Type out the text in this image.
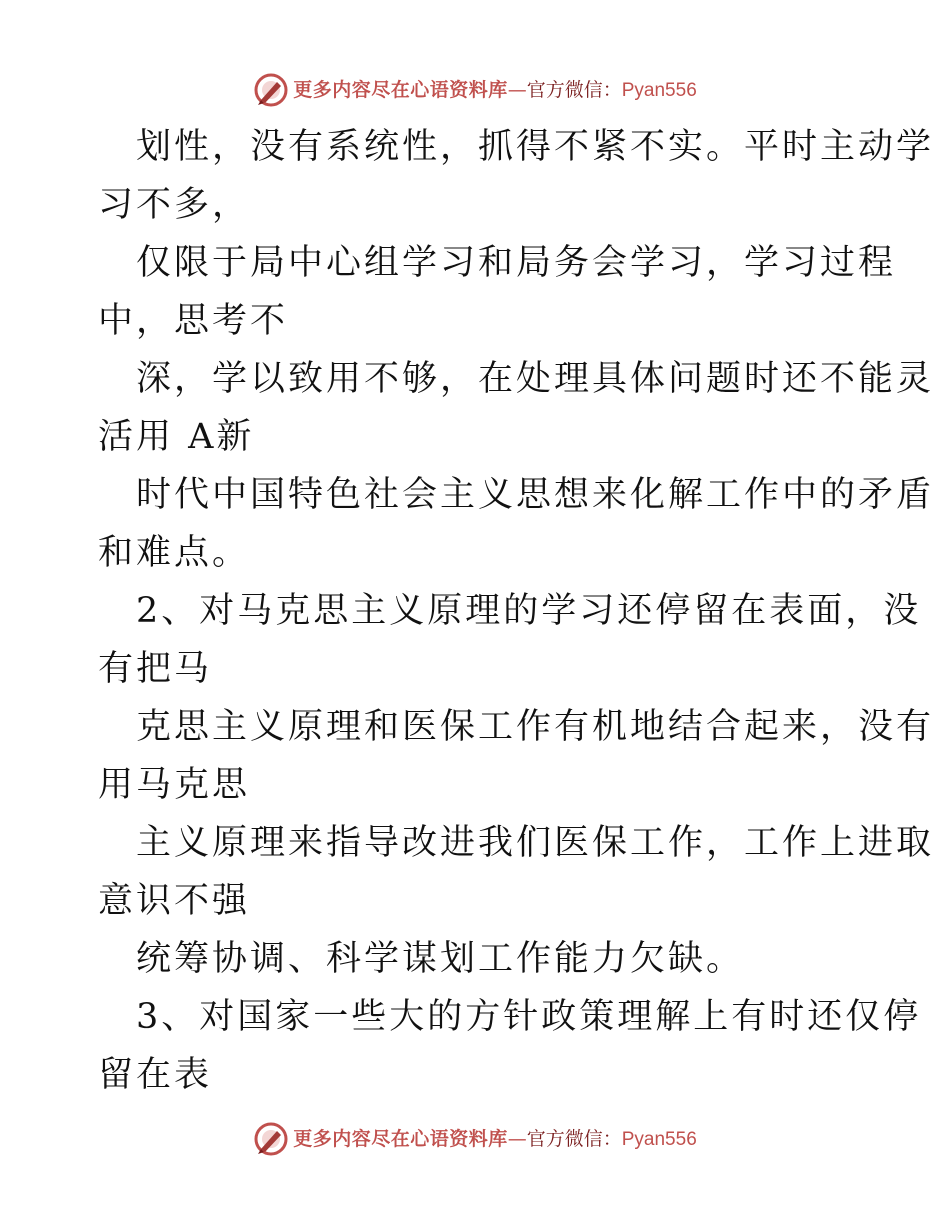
更多内容尽在心语资料库 — 官方微信： Pyan556
划性，没有系统性，抓得不紧不实。平时主动学
习不多，
仅限于局中心组学习和局务会学习，学习过程
中，思考不
深，学以致用不够，在处理具体问题时还不能灵
活用 A新
时代中国特色社会主义思想来化解工作中的矛盾
和难点。
2、对马克思主义原理的学习还停留在表面，没
有把马
克思主义原理和医保工作有机地结合起来，没有
用马克思
主义原理来指导改进我们医保工作，工作上进取
意识不强
统筹协调、科学谋划工作能力欠缺。
3、对国家一些大的方针政策理解上有时还仅停
留在表
更多内容尽在心语资料库 — 官方微信： Pyan556
